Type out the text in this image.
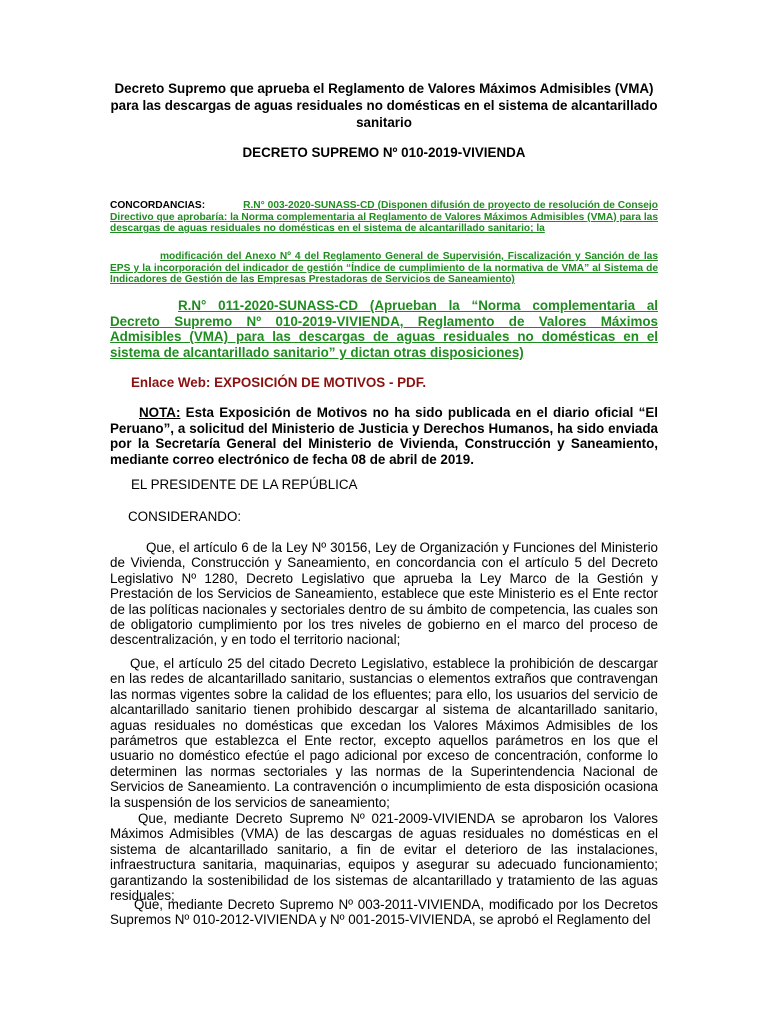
Decreto Supremo que aprueba el Reglamento de Valores Máximos Admisibles (VMA)
para las descargas de aguas residuales no domésticas en el sistema de alcantarillado
sanitario
DECRETO SUPREMO Nº 010-2019-VIVIENDA
CONCORDANCIAS:	R.N° 003-2020-SUNASS-CD (Disponen difusión de proyecto de resolución de Consejo Directivo que aprobaría: la Norma complementaria al Reglamento de Valores Máximos Admisibles (VMA) para las descargas de aguas residuales no domésticas en el sistema de alcantarillado sanitario; la
modificación del Anexo Nº 4 del Reglamento General de Supervisión, Fiscalización y Sanción de las EPS y la incorporación del indicador de gestión “Índice de cumplimiento de la normativa de VMA” al Sistema de Indicadores de Gestión de las Empresas Prestadoras de Servicios de Saneamiento)
R.N° 011-2020-SUNASS-CD (Aprueban la “Norma complementaria al Decreto Supremo Nº 010-2019-VIVIENDA, Reglamento de Valores Máximos Admisibles (VMA) para las descargas de aguas residuales no domésticas en el sistema de alcantarillado sanitario” y dictan otras disposiciones)

Enlace Web: EXPOSICIÓN DE MOTIVOS - PDF.

NOTA: Esta Exposición de Motivos no ha sido publicada en el diario oficial “El Peruano”, a solicitud del Ministerio de Justicia y Derechos Humanos, ha sido enviada por la Secretaría General del Ministerio de Vivienda, Construcción y Saneamiento, mediante correo electrónico de fecha 08 de abril de 2019.

EL PRESIDENTE DE LA REPÚBLICA

CONSIDERANDO:

Que, el artículo 6 de la Ley Nº 30156, Ley de Organización y Funciones del Ministerio de Vivienda, Construcción y Saneamiento, en concordancia con el artículo 5 del Decreto Legislativo Nº 1280, Decreto Legislativo que aprueba la Ley Marco de la Gestión y Prestación de los Servicios de Saneamiento, establece que este Ministerio es el Ente rector de las políticas nacionales y sectoriales dentro de su ámbito de competencia, las cuales son de obligatorio cumplimiento por los tres niveles de gobierno en el marco del proceso de descentralización, y en todo el territorio nacional;

Que, el artículo 25 del citado Decreto Legislativo, establece la prohibición de descargar en las redes de alcantarillado sanitario, sustancias o elementos extraños que contravengan las normas vigentes sobre la calidad de los efluentes; para ello, los usuarios del servicio de alcantarillado sanitario tienen prohibido descargar al sistema de alcantarillado sanitario, aguas residuales no domésticas que excedan los Valores Máximos Admisibles de los parámetros que establezca el Ente rector, excepto aquellos parámetros en los que el usuario no doméstico efectúe el pago adicional por exceso de concentración, conforme lo determinen las normas sectoriales y las normas de la Superintendencia Nacional de Servicios de Saneamiento. La contravención o incumplimiento de esta disposición ocasiona la suspensión de los servicios de saneamiento;

Que, mediante Decreto Supremo Nº 021-2009-VIVIENDA se aprobaron los Valores Máximos Admisibles (VMA) de las descargas de aguas residuales no domésticas en el sistema de alcantarillado sanitario, a fin de evitar el deterioro de las instalaciones, infraestructura sanitaria, maquinarias, equipos y asegurar su adecuado funcionamiento; garantizando la sostenibilidad de los sistemas de alcantarillado y tratamiento de las aguas residuales;

Que, mediante Decreto Supremo Nº 003-2011-VIVIENDA, modificado por los Decretos Supremos Nº 010-2012-VIVIENDA y Nº 001-2015-VIVIENDA, se aprobó el Reglamento del
